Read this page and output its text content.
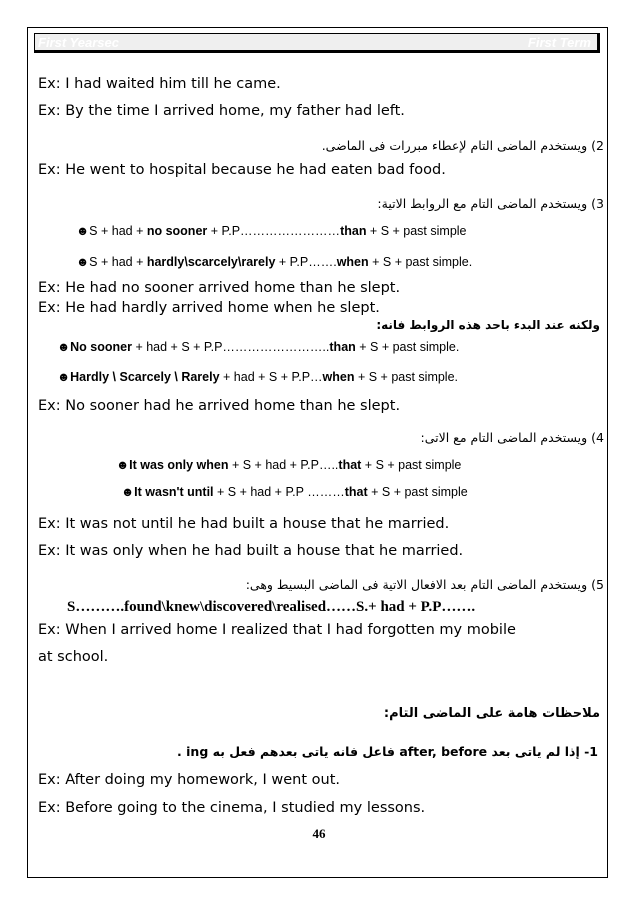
First Yearsec	First Term
Ex: I had waited him till he came.
Ex: By the time I arrived home, my father had left.
2) ويستخدم الماضى التام لإعطاء مبررات فى الماضى.
Ex: He went to hospital because he had eaten bad food.
3) ويستخدم الماضى التام مع الروابط الاتية:
☻S + had + no sooner + P.P……………………than + S + past simple
☻S + had + hardly\scarcely\rarely + P.P…….when + S + past simple.
Ex: He had no sooner arrived home than he slept.
Ex: He had hardly arrived home when he slept.
ولكنه عند البدء باحد هذه الروابط فانه:
☻No sooner + had + S + P.P……………………..than + S + past simple.
☻Hardly \ Scarcely \ Rarely + had + S + P.P…when + S + past simple.
Ex: No sooner had he arrived home than he slept.
4) ويستخدم الماضى التام مع الاتى:
☻It was only when + S + had + P.P…..that + S + past simple
☻It wasn't until + S + had + P.P ………that + S + past simple
Ex: It was not until he had built a house that he married.
Ex: It was only when he had built a house that he married.
5) ويستخدم الماضى التام بعد الافعال الاتية فى الماضى البسيط وهى:
S……….found\knew\discovered\realised……S.+ had + P.P…….
Ex: When I arrived home I realized that I had forgotten my mobile
at school.
ملاحظات هامة على الماضى التام:
1- إذا لم ياتى بعد after, before فاعل فانه ياتى بعدهم فعل به ing .
Ex: After doing my homework, I went out.
Ex: Before going to the cinema, I studied my lessons.
46
